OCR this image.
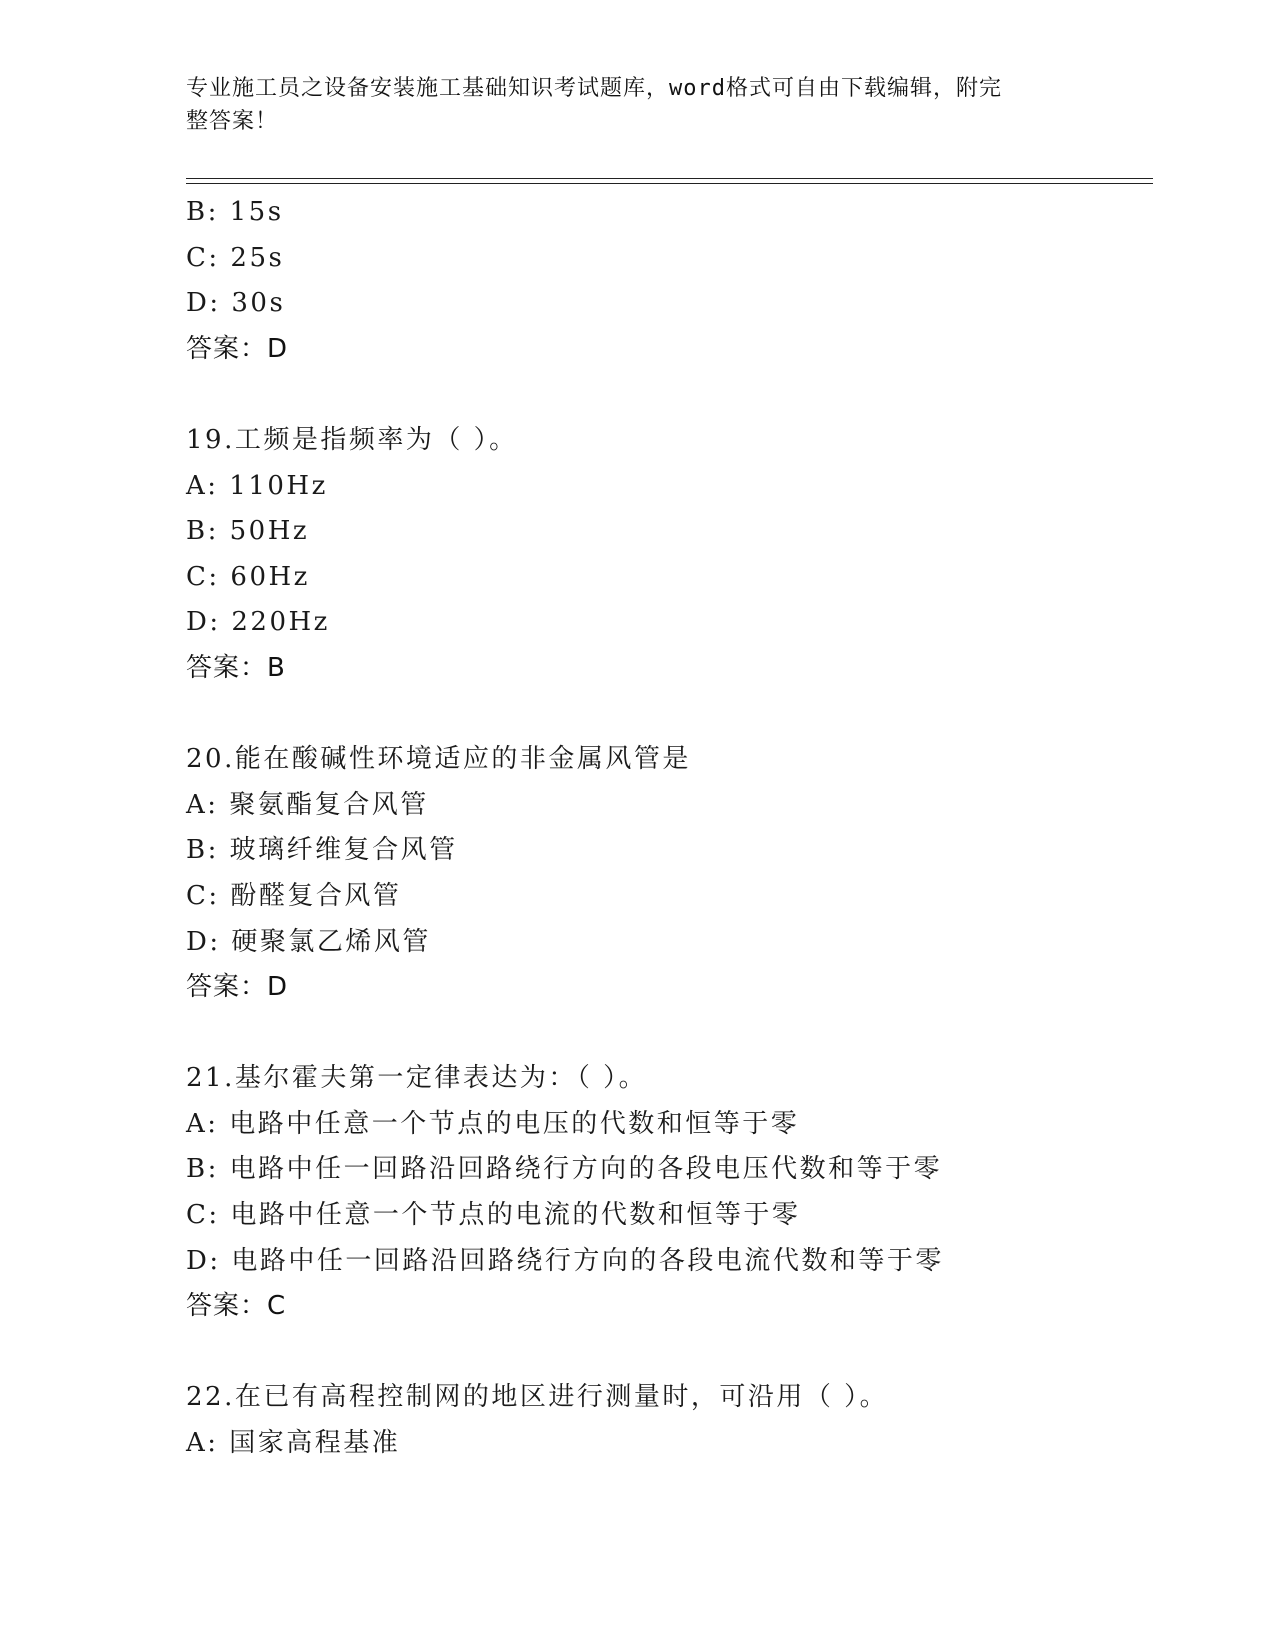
专业施工员之设备安装施工基础知识考试题库，word格式可自由下载编辑，附完
整答案！
B: 15s
C: 25s
D: 30s
答案：D
19.工频是指频率为（ ）。
A: 110Hz
B: 50Hz
C: 60Hz
D: 220Hz
答案：B
20.能在酸碱性环境适应的非金属风管是
A: 聚氨酯复合风管
B: 玻璃纤维复合风管
C: 酚醛复合风管
D: 硬聚氯乙烯风管
答案：D
21.基尔霍夫第一定律表达为：（ ）。
A: 电路中任意一个节点的电压的代数和恒等于零
B: 电路中任一回路沿回路绕行方向的各段电压代数和等于零
C: 电路中任意一个节点的电流的代数和恒等于零
D: 电路中任一回路沿回路绕行方向的各段电流代数和等于零
答案：C
22.在已有高程控制网的地区进行测量时，可沿用（ ）。
A: 国家高程基准
